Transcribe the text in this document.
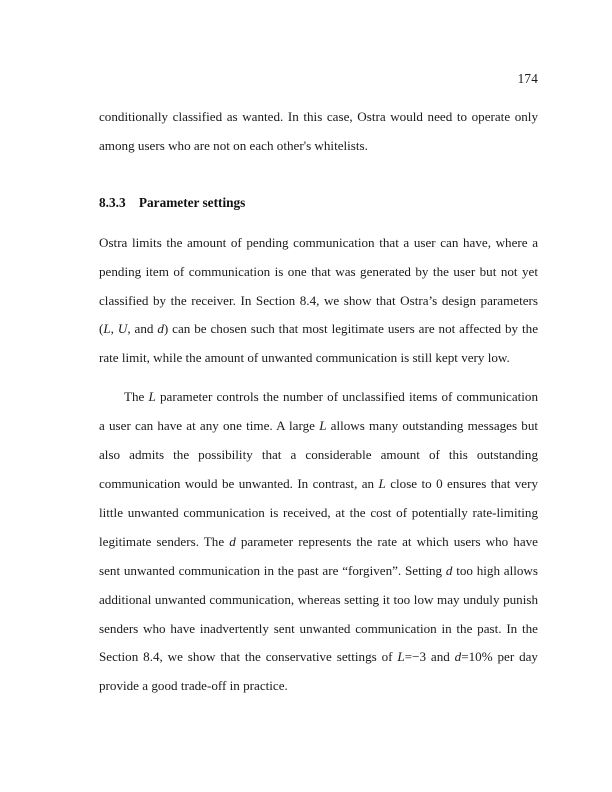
174

conditionally classified as wanted. In this case, Ostra would need to operate only among users who are not on each other's whitelists.

8.3.3 Parameter settings

Ostra limits the amount of pending communication that a user can have, where a pending item of communication is one that was generated by the user but not yet classified by the receiver. In Section 8.4, we show that Ostra’s design parameters (L, U, and d) can be chosen such that most legitimate users are not affected by the rate limit, while the amount of unwanted communication is still kept very low.

The L parameter controls the number of unclassified items of communication a user can have at any one time. A large L allows many outstanding messages but also admits the possibility that a considerable amount of this outstanding communication would be unwanted. In contrast, an L close to 0 ensures that very little unwanted communication is received, at the cost of potentially rate-limiting legitimate senders. The d parameter represents the rate at which users who have sent unwanted communication in the past are “forgiven”. Setting d too high allows additional unwanted communication, whereas setting it too low may unduly punish senders who have inadvertently sent unwanted communication in the past. In the Section 8.4, we show that the conservative settings of L=−3 and d=10% per day provide a good trade-off in practice.
